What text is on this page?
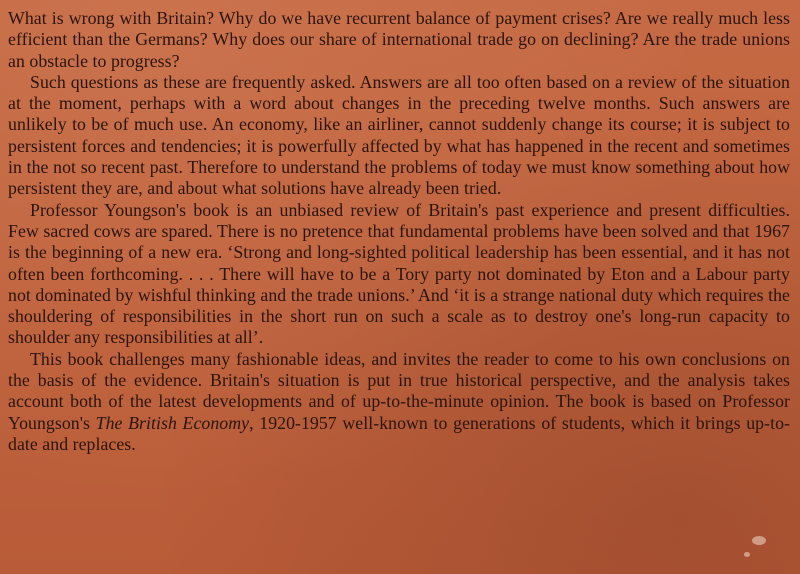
What is wrong with Britain? Why do we have recurrent balance of payment crises? Are we really much less efficient than the Germans? Why does our share of international trade go on declining? Are the trade unions an obstacle to progress?

Such questions as these are frequently asked. Answers are all too often based on a review of the situation at the moment, perhaps with a word about changes in the preceding twelve months. Such answers are unlikely to be of much use. An economy, like an airliner, cannot suddenly change its course; it is subject to persistent forces and tendencies; it is powerfully affected by what has happened in the recent and sometimes in the not so recent past. Therefore to understand the problems of today we must know something about how persistent they are, and about what solutions have already been tried.

Professor Youngson's book is an unbiased review of Britain's past experience and present difficulties. Few sacred cows are spared. There is no pretence that fundamental problems have been solved and that 1967 is the beginning of a new era. ‘Strong and long-sighted political leadership has been essential, and it has not often been forthcoming. . . . There will have to be a Tory party not dominated by Eton and a Labour party not dominated by wishful thinking and the trade unions.’ And ‘it is a strange national duty which requires the shouldering of responsibilities in the short run on such a scale as to destroy one's long-run capacity to shoulder any responsibilities at all’.

This book challenges many fashionable ideas, and invites the reader to come to his own conclusions on the basis of the evidence. Britain's situation is put in true historical perspective, and the analysis takes account both of the latest developments and of up-to-the-minute opinion. The book is based on Professor Youngson's The British Economy, 1920-1957 well-known to generations of students, which it brings up-to-date and replaces.
